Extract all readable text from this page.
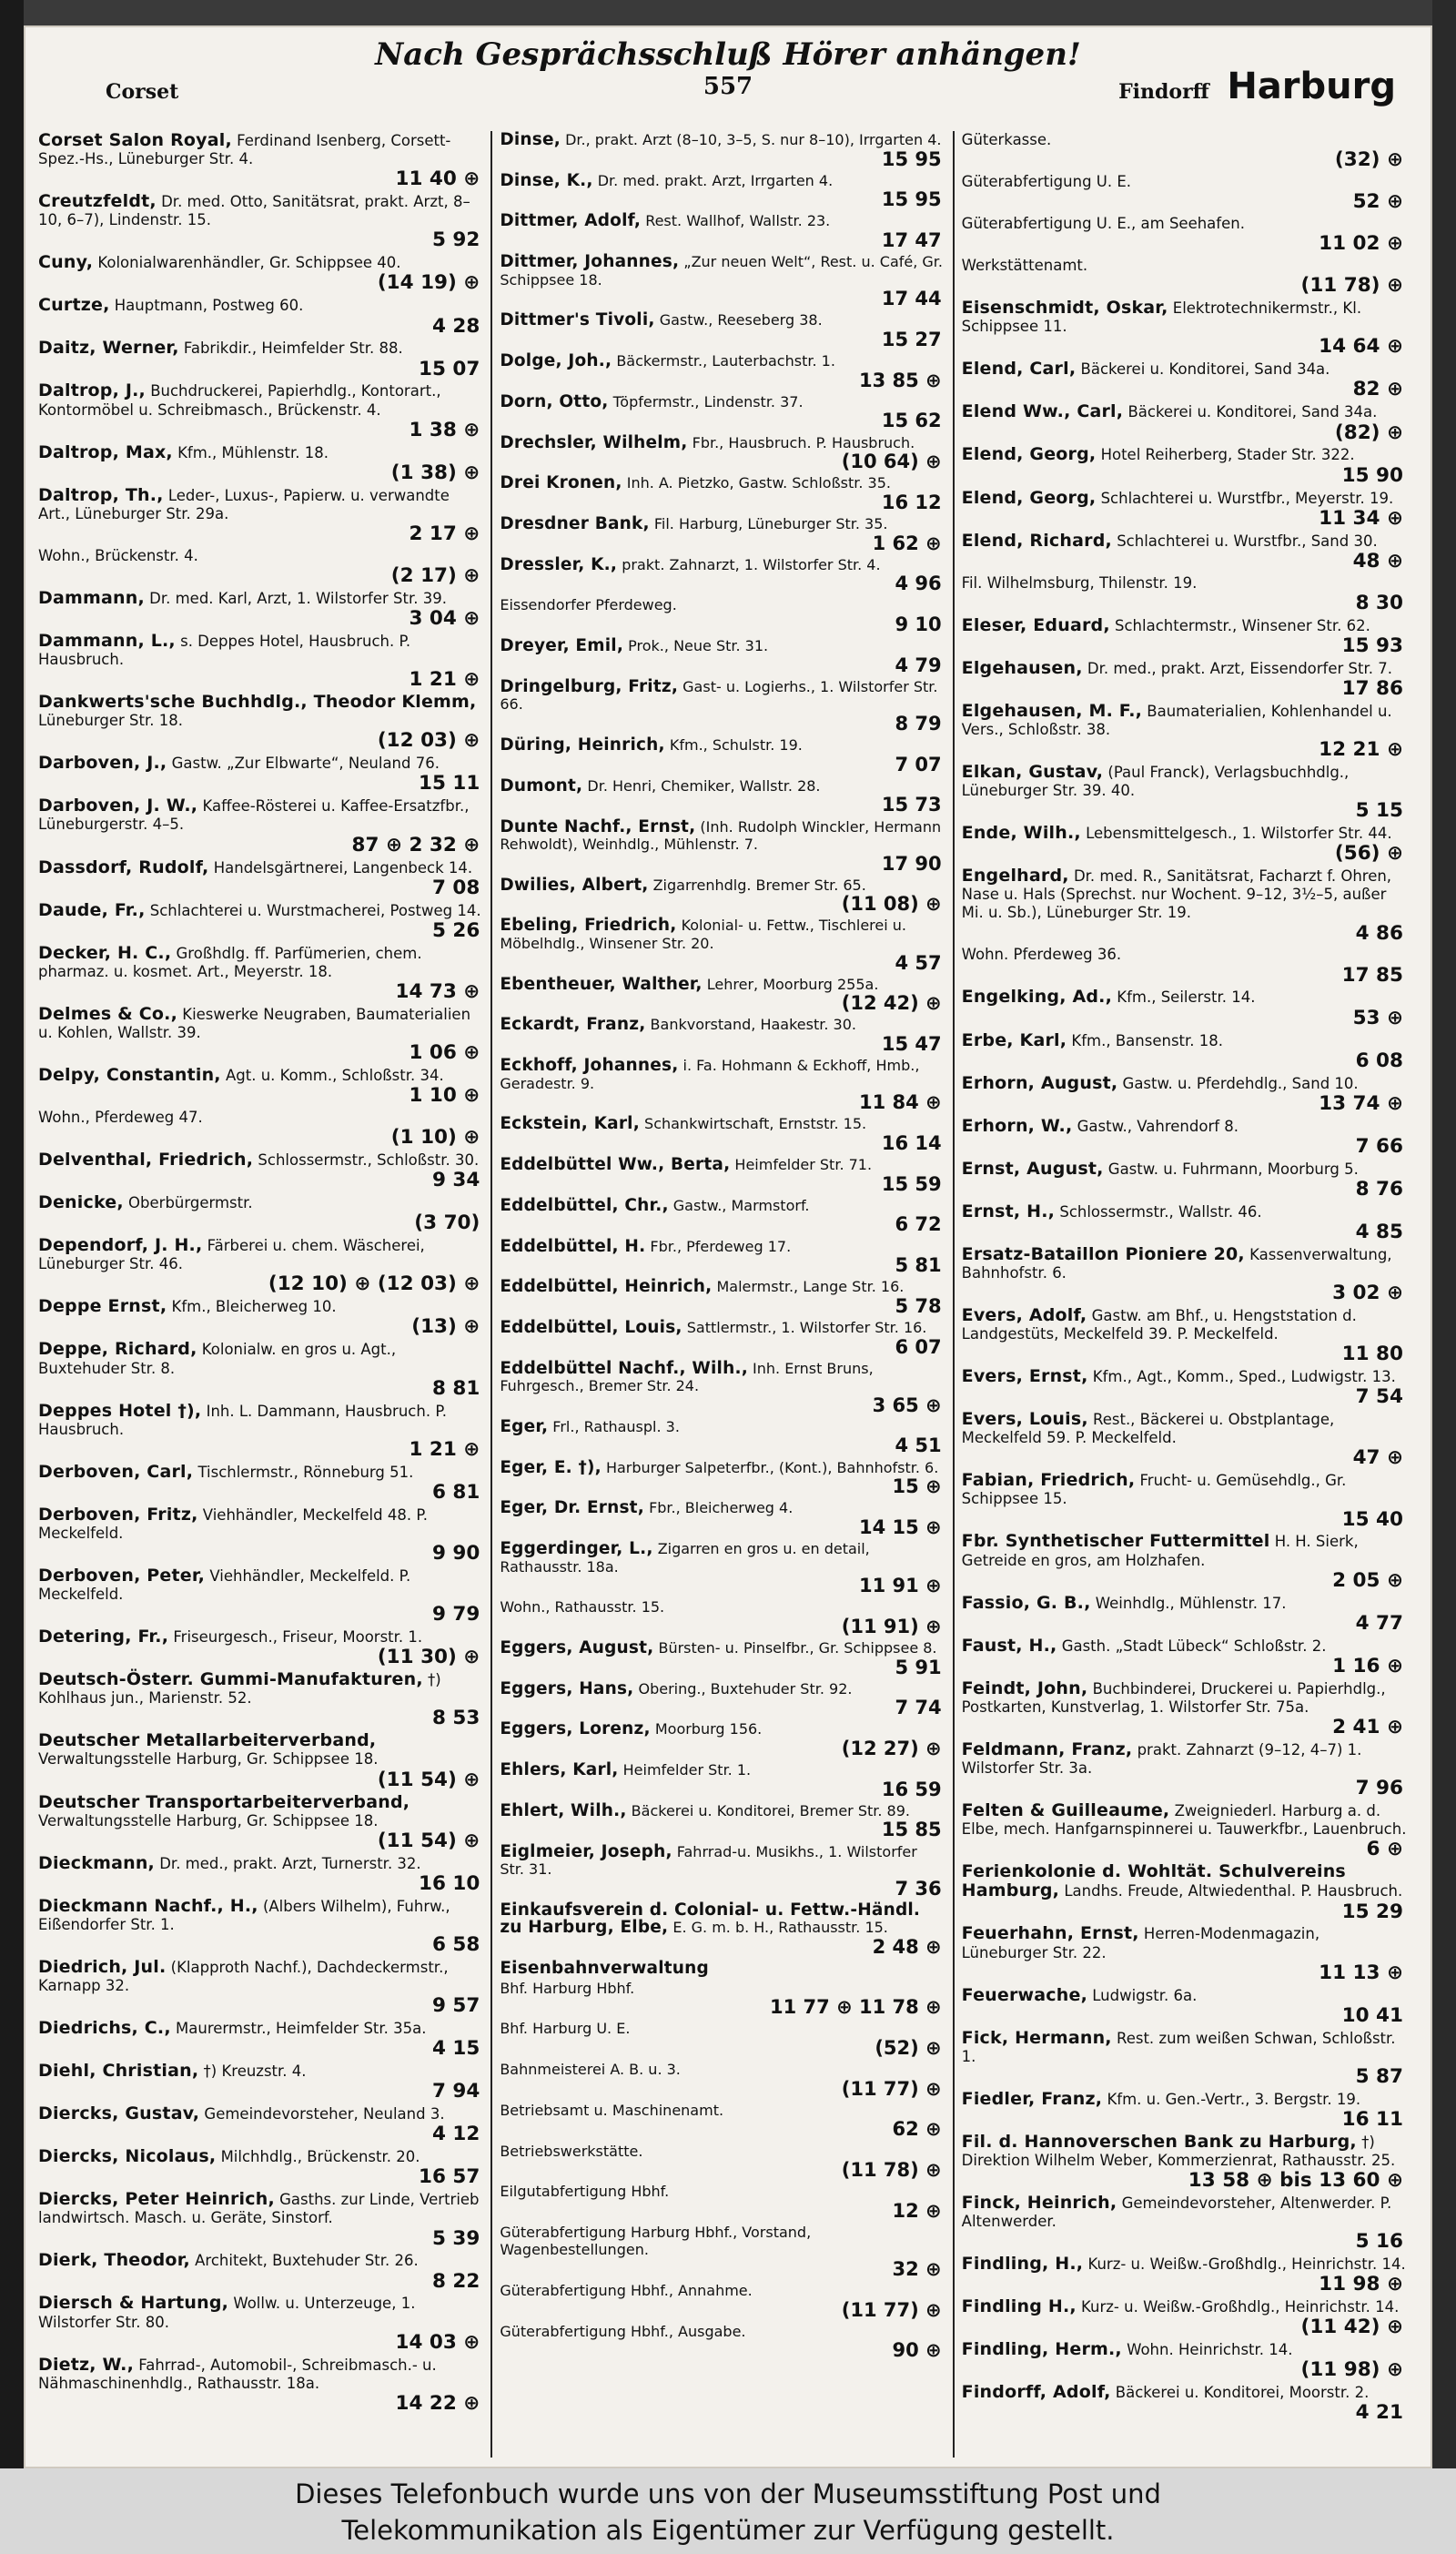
Corset
Nach Gesprächsschluß Hörer anhängen!
557	Findorff Harburg
Corset Salon Royal, Ferdinand Isenberg, Corsett-Spez.-Hs., Lüneburger Str. 4.
11 40 ⊕
Creutzfeldt, Dr. med. Otto, Sanitätsrat, prakt. Arzt, 8–10, 6–7), Lindenstr. 15.
5 92
Cuny, Kolonialwarenhändler, Gr. Schippsee 40.
(14 19) ⊕
Curtze, Hauptmann, Postweg 60.
4 28
Daitz, Werner, Fabrikdir., Heimfelder Str. 88.
15 07
Daltrop, J., Buchdruckerei, Papierhdlg., Kontorart., Kontormöbel u. Schreibmasch., Brückenstr. 4.
1 38 ⊕
Daltrop, Max, Kfm., Mühlenstr. 18.
(1 38) ⊕
Daltrop, Th., Leder-, Luxus-, Papierw. u. verwandte Art., Lüneburger Str. 29a.
2 17 ⊕
Wohn., Brückenstr. 4.
(2 17) ⊕
Dammann, Dr. med. Karl, Arzt, 1. Wilstorfer Str. 39.
3 04 ⊕
Dammann, L., s. Deppes Hotel, Hausbruch. P. Hausbruch.
1 21 ⊕
Dankwerts'sche Buchhdlg., Theodor Klemm, Lüneburger Str. 18.
(12 03) ⊕
Darboven, J., Gastw. „Zur Elbwarte“, Neuland 76.
15 11
Darboven, J. W., Kaffee-Rösterei u. Kaffee-Ersatzfbr., Lüneburgerstr. 4–5.
87 ⊕ 2 32 ⊕
Dassdorf, Rudolf, Handelsgärtnerei, Langenbeck 14.
7 08
Daude, Fr., Schlachterei u. Wurstmacherei, Postweg 14.
5 26
Decker, H. C., Großhdlg. ff. Parfümerien, chem. pharmaz. u. kosmet. Art., Meyerstr. 18.
14 73 ⊕
Delmes & Co., Kieswerke Neugraben, Baumaterialien u. Kohlen, Wallstr. 39.
1 06 ⊕
Delpy, Constantin, Agt. u. Komm., Schloßstr. 34.
1 10 ⊕
Wohn., Pferdeweg 47.
(1 10) ⊕
Delventhal, Friedrich, Schlossermstr., Schloßstr. 30.
9 34
Denicke, Oberbürgermstr.
(3 70)
Dependorf, J. H., Färberei u. chem. Wäscherei, Lüneburger Str. 46.
(12 10) ⊕ (12 03) ⊕
Deppe Ernst, Kfm., Bleicherweg 10.
(13) ⊕
Deppe, Richard, Kolonialw. en gros u. Agt., Buxtehuder Str. 8.
8 81
Deppes Hotel †), Inh. L. Dammann, Hausbruch. P. Hausbruch.
1 21 ⊕
Derboven, Carl, Tischlermstr., Rönneburg 51.
6 81
Derboven, Fritz, Viehhändler, Meckelfeld 48. P. Meckelfeld.
9 90
Derboven, Peter, Viehhändler, Meckelfeld. P. Meckelfeld.
9 79
Detering, Fr., Friseurgesch., Friseur, Moorstr. 1.
(11 30) ⊕
Deutsch-Österr. Gummi-Manufakturen, †) Kohlhaus jun., Marienstr. 52.
8 53
Deutscher Metallarbeiterverband, Verwaltungsstelle Harburg, Gr. Schippsee 18.
(11 54) ⊕
Deutscher Transportarbeiterverband, Verwaltungsstelle Harburg, Gr. Schippsee 18.
(11 54) ⊕
Dieckmann, Dr. med., prakt. Arzt, Turnerstr. 32.
16 10
Dieckmann Nachf., H., (Albers Wilhelm), Fuhrw., Eißendorfer Str. 1.
6 58
Diedrich, Jul. (Klapproth Nachf.), Dachdeckermstr., Karnapp 32.
9 57
Diedrichs, C., Maurermstr., Heimfelder Str. 35a.
4 15
Diehl, Christian, †) Kreuzstr. 4.
7 94
Diercks, Gustav, Gemeindevorsteher, Neuland 3.
4 12
Diercks, Nicolaus, Milchhdlg., Brückenstr. 20.
16 57
Diercks, Peter Heinrich, Gasths. zur Linde, Vertrieb landwirtsch. Masch. u. Geräte, Sinstorf.
5 39
Dierk, Theodor, Architekt, Buxtehuder Str. 26.
8 22
Diersch & Hartung, Wollw. u. Unterzeuge, 1. Wilstorfer Str. 80.
14 03 ⊕
Dietz, W., Fahrrad-, Automobil-, Schreibmasch.- u. Nähmaschinenhdlg., Rathausstr. 18a.
14 22 ⊕
Dinse, Dr., prakt. Arzt (8–10, 3–5, S. nur 8–10), Irrgarten 4.
15 95
Dinse, K., Dr. med. prakt. Arzt, Irrgarten 4.
15 95
Dittmer, Adolf, Rest. Wallhof, Wallstr. 23.
17 47
Dittmer, Johannes, „Zur neuen Welt“, Rest. u. Café, Gr. Schippsee 18.
17 44
Dittmer's Tivoli, Gastw., Reeseberg 38.
15 27
Dolge, Joh., Bäckermstr., Lauterbachstr. 1.
13 85 ⊕
Dorn, Otto, Töpfermstr., Lindenstr. 37.
15 62
Drechsler, Wilhelm, Fbr., Hausbruch. P. Hausbruch.
(10 64) ⊕
Drei Kronen, Inh. A. Pietzko, Gastw. Schloßstr. 35.
16 12
Dresdner Bank, Fil. Harburg, Lüneburger Str. 35.
1 62 ⊕
Dressler, K., prakt. Zahnarzt, 1. Wilstorfer Str. 4.
4 96
Eissendorfer Pferdeweg.
9 10
Dreyer, Emil, Prok., Neue Str. 31.
4 79
Dringelburg, Fritz, Gast- u. Logierhs., 1. Wilstorfer Str. 66.
8 79
Düring, Heinrich, Kfm., Schulstr. 19.
7 07
Dumont, Dr. Henri, Chemiker, Wallstr. 28.
15 73
Dunte Nachf., Ernst, (Inh. Rudolph Winckler, Hermann Rehwoldt), Weinhdlg., Mühlenstr. 7.
17 90
Dwilies, Albert, Zigarrenhdlg. Bremer Str. 65.
(11 08) ⊕
Ebeling, Friedrich, Kolonial- u. Fettw., Tischlerei u. Möbelhdlg., Winsener Str. 20.
4 57
Ebentheuer, Walther, Lehrer, Moorburg 255a.
(12 42) ⊕
Eckardt, Franz, Bankvorstand, Haakestr. 30.
15 47
Eckhoff, Johannes, i. Fa. Hohmann & Eckhoff, Hmb., Geradestr. 9.
11 84 ⊕
Eckstein, Karl, Schankwirtschaft, Ernststr. 15.
16 14
Eddelbüttel Ww., Berta, Heimfelder Str. 71.
15 59
Eddelbüttel, Chr., Gastw., Marmstorf.
6 72
Eddelbüttel, H. Fbr., Pferdeweg 17.
5 81
Eddelbüttel, Heinrich, Malermstr., Lange Str. 16.
5 78
Eddelbüttel, Louis, Sattlermstr., 1. Wilstorfer Str. 16.
6 07
Eddelbüttel Nachf., Wilh., Inh. Ernst Bruns, Fuhrgesch., Bremer Str. 24.
3 65 ⊕
Eger, Frl., Rathauspl. 3.
4 51
Eger, E. †), Harburger Salpeterfbr., (Kont.), Bahnhofstr. 6.
15 ⊕
Eger, Dr. Ernst, Fbr., Bleicherweg 4.
14 15 ⊕
Eggerdinger, L., Zigarren en gros u. en detail, Rathausstr. 18a.
11 91 ⊕
Wohn., Rathausstr. 15.
(11 91) ⊕
Eggers, August, Bürsten- u. Pinselfbr., Gr. Schippsee 8.
5 91
Eggers, Hans, Obering., Buxtehuder Str. 92.
7 74
Eggers, Lorenz, Moorburg 156.
(12 27) ⊕
Ehlers, Karl, Heimfelder Str. 1.
16 59
Ehlert, Wilh., Bäckerei u. Konditorei, Bremer Str. 89.
15 85
Eiglmeier, Joseph, Fahrrad-u. Musikhs., 1. Wilstorfer Str. 31.
7 36
Einkaufsverein d. Colonial- u. Fettw.-Händl. zu Harburg, Elbe, E. G. m. b. H., Rathausstr. 15.
2 48 ⊕
Eisenbahnverwaltung
Bhf. Harburg Hbhf.
11 77 ⊕ 11 78 ⊕
Bhf. Harburg U. E.
(52) ⊕
Bahnmeisterei A. B. u. 3.
(11 77) ⊕
Betriebsamt u. Maschinenamt.
62 ⊕
Betriebswerkstätte.
(11 78) ⊕
Eilgutabfertigung Hbhf.
12 ⊕
Güterabfertigung Harburg Hbhf., Vorstand, Wagenbestellungen.
32 ⊕
Güterabfertigung Hbhf., Annahme.
(11 77) ⊕
Güterabfertigung Hbhf., Ausgabe.
90 ⊕
Güterkasse.
(32) ⊕
Güterabfertigung U. E.
52 ⊕
Güterabfertigung U. E., am Seehafen.
11 02 ⊕
Werkstättenamt.
(11 78) ⊕
Eisenschmidt, Oskar, Elektrotechnikermstr., Kl. Schippsee 11.
14 64 ⊕
Elend, Carl, Bäckerei u. Konditorei, Sand 34a.
82 ⊕
Elend Ww., Carl, Bäckerei u. Konditorei, Sand 34a.
(82) ⊕
Elend, Georg, Hotel Reiherberg, Stader Str. 322.
15 90
Elend, Georg, Schlachterei u. Wurstfbr., Meyerstr. 19.
11 34 ⊕
Elend, Richard, Schlachterei u. Wurstfbr., Sand 30.
48 ⊕
Fil. Wilhelmsburg, Thilenstr. 19.
8 30
Eleser, Eduard, Schlachtermstr., Winsener Str. 62.
15 93
Elgehausen, Dr. med., prakt. Arzt, Eissendorfer Str. 7.
17 86
Elgehausen, M. F., Baumaterialien, Kohlenhandel u. Vers., Schloßstr. 38.
12 21 ⊕
Elkan, Gustav, (Paul Franck), Verlagsbuchhdlg., Lüneburger Str. 39. 40.
5 15
Ende, Wilh., Lebensmittelgesch., 1. Wilstorfer Str. 44.
(56) ⊕
Engelhard, Dr. med. R., Sanitätsrat, Facharzt f. Ohren, Nase u. Hals (Sprechst. nur Wochent. 9–12, 3½–5, außer Mi. u. Sb.), Lüneburger Str. 19.
4 86
Wohn. Pferdeweg 36.
17 85
Engelking, Ad., Kfm., Seilerstr. 14.
53 ⊕
Erbe, Karl, Kfm., Bansenstr. 18.
6 08
Erhorn, August, Gastw. u. Pferdehdlg., Sand 10.
13 74 ⊕
Erhorn, W., Gastw., Vahrendorf 8.
7 66
Ernst, August, Gastw. u. Fuhrmann, Moorburg 5.
8 76
Ernst, H., Schlossermstr., Wallstr. 46.
4 85
Ersatz-Bataillon Pioniere 20, Kassenverwaltung, Bahnhofstr. 6.
3 02 ⊕
Evers, Adolf, Gastw. am Bhf., u. Hengststation d. Landgestüts, Meckelfeld 39. P. Meckelfeld.
11 80
Evers, Ernst, Kfm., Agt., Komm., Sped., Ludwigstr. 13.
7 54
Evers, Louis, Rest., Bäckerei u. Obstplantage, Meckelfeld 59. P. Meckelfeld.
47 ⊕
Fabian, Friedrich, Frucht- u. Gemüsehdlg., Gr. Schippsee 15.
15 40
Fbr. Synthetischer Futtermittel H. H. Sierk, Getreide en gros, am Holzhafen.
2 05 ⊕
Fassio, G. B., Weinhdlg., Mühlenstr. 17.
4 77
Faust, H., Gasth. „Stadt Lübeck“ Schloßstr. 2.
1 16 ⊕
Feindt, John, Buchbinderei, Druckerei u. Papierhdlg., Postkarten, Kunstverlag, 1. Wilstorfer Str. 75a.
2 41 ⊕
Feldmann, Franz, prakt. Zahnarzt (9–12, 4–7) 1. Wilstorfer Str. 3a.
7 96
Felten & Guilleaume, Zweigniederl. Harburg a. d. Elbe, mech. Hanfgarnspinnerei u. Tauwerkfbr., Lauenbruch.
6 ⊕
Ferienkolonie d. Wohltät. Schulvereins Hamburg, Landhs. Freude, Altwiedenthal. P. Hausbruch.
15 29
Feuerhahn, Ernst, Herren-Modenmagazin, Lüneburger Str. 22.
11 13 ⊕
Feuerwache, Ludwigstr. 6a.
10 41
Fick, Hermann, Rest. zum weißen Schwan, Schloßstr. 1.
5 87
Fiedler, Franz, Kfm. u. Gen.-Vertr., 3. Bergstr. 19.
16 11
Fil. d. Hannoverschen Bank zu Harburg, †) Direktion Wilhelm Weber, Kommerzienrat, Rathausstr. 25.
13 58 ⊕ bis 13 60 ⊕
Finck, Heinrich, Gemeindevorsteher, Altenwerder. P. Altenwerder.
5 16
Findling, H., Kurz- u. Weißw.-Großhdlg., Heinrichstr. 14.
11 98 ⊕
Findling H., Kurz- u. Weißw.-Großhdlg., Heinrichstr. 14.
(11 42) ⊕
Findling, Herm., Wohn. Heinrichstr. 14.
(11 98) ⊕
Findorff, Adolf, Bäckerei u. Konditorei, Moorstr. 2.
4 21
Dieses Telefonbuch wurde uns von der Museumsstiftung Post und
Telekommunikation als Eigentümer zur Verfügung gestellt.
